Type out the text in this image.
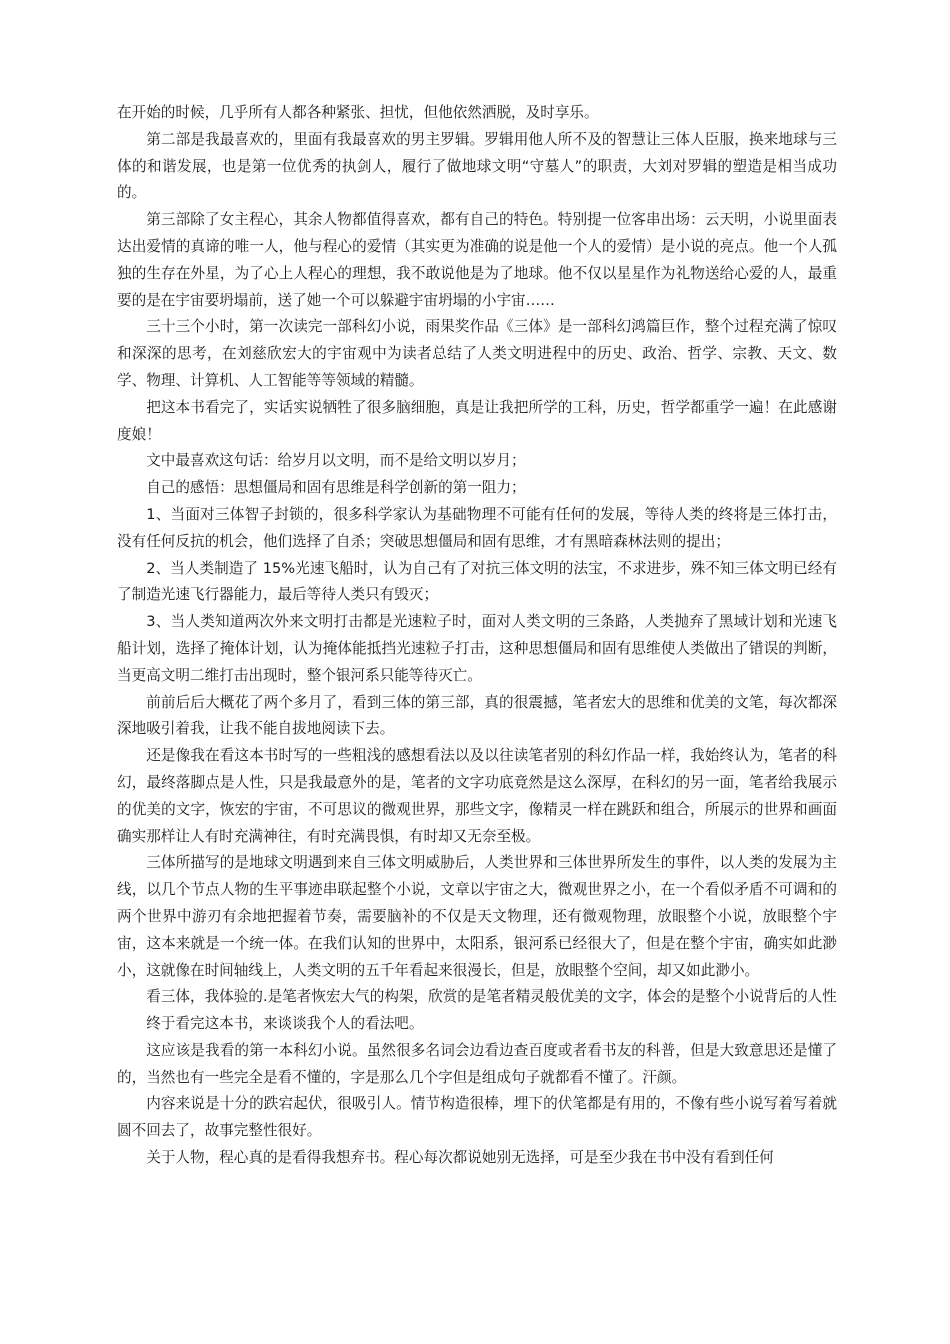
在开始的时候，几乎所有人都各种紧张、担忧，但他依然洒脱，及时享乐。

第二部是我最喜欢的，里面有我最喜欢的男主罗辑。罗辑用他人所不及的智慧让三体人臣服，换来地球与三体的和谐发展，也是第一位优秀的执剑人，履行了做地球文明“守墓人”的职责，大刘对罗辑的塑造是相当成功的。

第三部除了女主程心，其余人物都值得喜欢，都有自己的特色。特别提一位客串出场：云天明，小说里面表达出爱情的真谛的唯一人，他与程心的爱情（其实更为准确的说是他一个人的爱情）是小说的亮点。他一个人孤独的生存在外星，为了心上人程心的理想，我不敢说他是为了地球。他不仅以星星作为礼物送给心爱的人，最重要的是在宇宙要坍塌前，送了她一个可以躲避宇宙坍塌的小宇宙……

三十三个小时，第一次读完一部科幻小说，雨果奖作品《三体》是一部科幻鸿篇巨作，整个过程充满了惊叹和深深的思考，在刘慈欣宏大的宇宙观中为读者总结了人类文明进程中的历史、政治、哲学、宗教、天文、数学、物理、计算机、人工智能等等领域的精髓。

把这本书看完了，实话实说牺牲了很多脑细胞，真是让我把所学的工科，历史，哲学都重学一遍！在此感谢度娘！

文中最喜欢这句话：给岁月以文明，而不是给文明以岁月；

自己的感悟：思想僵局和固有思维是科学创新的第一阻力；

1、当面对三体智子封锁的，很多科学家认为基础物理不可能有任何的发展，等待人类的终将是三体打击，没有任何反抗的机会，他们选择了自杀；突破思想僵局和固有思维，才有黑暗森林法则的提出；

2、当人类制造了 15%光速飞船时，认为自己有了对抗三体文明的法宝，不求进步，殊不知三体文明已经有了制造光速飞行器能力，最后等待人类只有毁灭；

3、当人类知道两次外来文明打击都是光速粒子时，面对人类文明的三条路，人类抛弃了黑域计划和光速飞船计划，选择了掩体计划，认为掩体能抵挡光速粒子打击，这种思想僵局和固有思维使人类做出了错误的判断，当更高文明二维打击出现时，整个银河系只能等待灭亡。

前前后后大概花了两个多月了，看到三体的第三部，真的很震撼，笔者宏大的思维和优美的文笔，每次都深深地吸引着我，让我不能自拔地阅读下去。

还是像我在看这本书时写的一些粗浅的感想看法以及以往读笔者别的科幻作品一样，我始终认为，笔者的科幻，最终落脚点是人性，只是我最意外的是，笔者的文字功底竟然是这么深厚，在科幻的另一面，笔者给我展示的优美的文字，恢宏的宇宙，不可思议的微观世界，那些文字，像精灵一样在跳跃和组合，所展示的世界和画面确实那样让人有时充满神往，有时充满畏惧，有时却又无奈至极。

三体所描写的是地球文明遇到来自三体文明威胁后，人类世界和三体世界所发生的事件，以人类的发展为主线，以几个节点人物的生平事迹串联起整个小说，文章以宇宙之大，微观世界之小，在一个看似矛盾不可调和的两个世界中游刃有余地把握着节奏，需要脑补的不仅是天文物理，还有微观物理，放眼整个小说，放眼整个宇宙，这本来就是一个统一体。在我们认知的世界中，太阳系，银河系已经很大了，但是在整个宇宙，确实如此渺小，这就像在时间轴线上，人类文明的五千年看起来很漫长，但是，放眼整个空间，却又如此渺小。

看三体，我体验的.是笔者恢宏大气的构架，欣赏的是笔者精灵般优美的文字，体会的是整个小说背后的人性

终于看完这本书，来谈谈我个人的看法吧。

这应该是我看的第一本科幻小说。虽然很多名词会边看边查百度或者看书友的科普，但是大致意思还是懂了的，当然也有一些完全是看不懂的，字是那么几个字但是组成句子就都看不懂了。汗颜。

内容来说是十分的跌宕起伏，很吸引人。情节构造很棒，埋下的伏笔都是有用的，不像有些小说写着写着就圆不回去了，故事完整性很好。

关于人物，程心真的是看得我想弃书。程心每次都说她别无选择，可是至少我在书中没有看到任何
